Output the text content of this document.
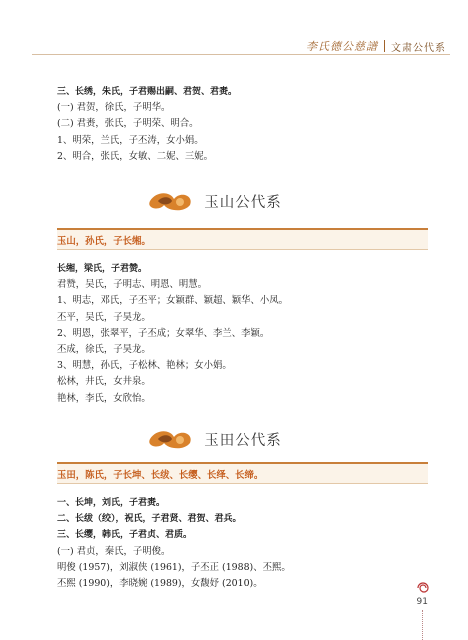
李氏德公慈譜 文肃公代系
三、长绣，朱氏，子君赐出嗣、君贺、君赉。
(一) 君贺，徐氏，子明华。
(二) 君赉，张氏，子明荣、明合。
1、明荣，兰氏，子丕涛，女小娟。
2、明合，张氏，女敏、二妮、三妮。
玉山公代系
玉山，孙氏，子长缃。
长缃，梁氏，子君赞。
君赞，吴氏，子明志、明恩、明慧。
1、明志，邓氏，子丕平；女颖群、颖超、颖华、小凤。
丕平，吴氏，子昊龙。
2、明恩，张翠平，子丕成；女翠华、李兰、李颖。
丕成，徐氏，子昊龙。
3、明慧，孙氏，子松林、艳林；女小娟。
松林，井氏，女井泉。
艳林，李氏，女欣怡。
玉田公代系
玉田，陈氏，子长坤、长绂、长缨、长绎、长缔。
一、长坤，刘氏，子君赉。
二、长绂（绞），祝氏，子君贤、君贺、君兵。
三、长缨，韩氏，子君贞、君质。
(一) 君贞，秦氏，子明俊。
明俊 (1957)，刘淑侠 (1961)，子丕正 (1988)、丕熙。
丕熙 (1990)，李晓婉 (1989)，女馥妤 (2010)。
91
